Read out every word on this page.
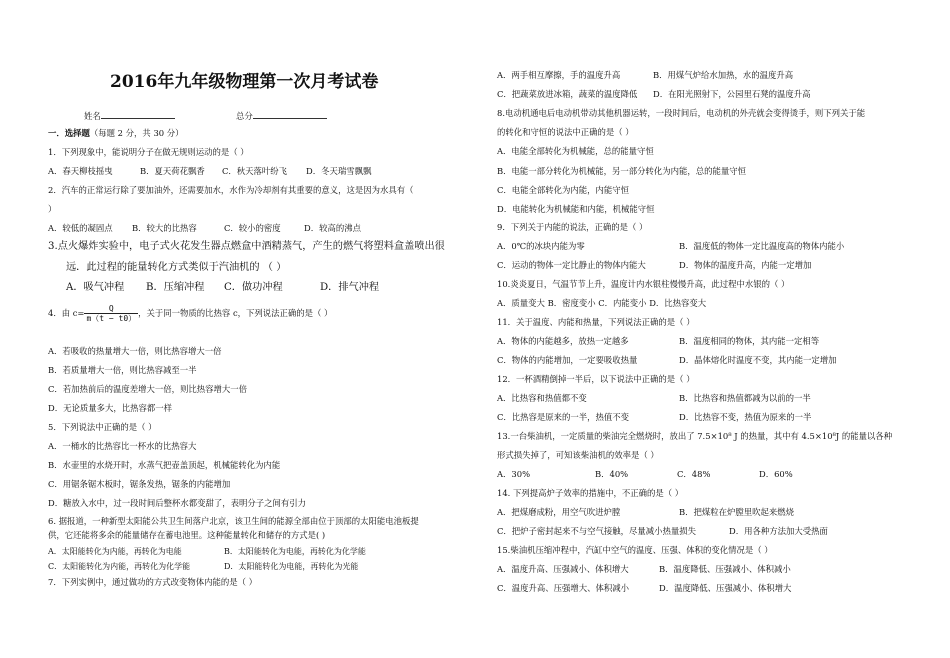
2016年九年级物理第一次月考试卷
姓名	总分
一．选择题（每题 2 分，共 30 分）
1．下列现象中，能说明分子在做无规则运动的是（ ）
A．春天柳枝摇曳	B．夏天荷花飘香 C．秋天落叶纷飞 D．冬天瑞雪飘飘
2．汽车的正常运行除了要加油外，还需要加水，水作为冷却剂有其重要的意义，这是因为水具有（
）
A．较低的凝固点 B．较大的比热容	C．较小的密度	D．较高的沸点
3.点火爆炸实验中，电子式火花发生器点燃盒中酒精蒸气，产生的燃气将塑料盒盖喷出很
远．此过程的能量转化方式类似于汽油机的 （ ）
A．吸气冲程 B．压缩冲程 C．做功冲程	D．排气冲程
4．由 $c= \frac{Q}{m(t - t0)}$ ，关于同一物质的比热容 c，下列说法正确的是（ ）
A．若吸收的热量增大一倍，则比热容增大一倍
B．若质量增大一倍，则比热容减至一半
C．若加热前后的温度差增大一倍，则比热容增大一倍
D．无论质量多大，比热容都一样
5．下列说法中正确的是（ ）
A．一桶水的比热容比一杯水的比热容大
B．水壶里的水烧开时，水蒸气把壶盖顶起，机械能转化为内能
C．用锯条锯木板时，锯条发热，锯条的内能增加
D．糖放入水中，过一段时间后整杯水都变甜了，表明分子之间有引力
6. 据报道，一种新型太阳能公共卫生间落户北京，该卫生间的能源全部由位于顶部的太阳能电池板提
供，它还能将多余的能量储存在蓄电池里。这种能量转化和储存的方式是( )
A．太阳能转化为内能，再转化为电能	B．太阳能转化为电能，再转化为化学能
C．太阳能转化为内能，再转化为化学能	D．太阳能转化为电能，再转化为光能
7．下列实例中，通过做功的方式改变物体内能的是（ ）
A．两手相互摩擦，手的温度升高	B．用煤气炉给水加热，水的温度升高
C．把蔬菜放进冰箱，蔬菜的温度降低 D．在阳光照射下，公园里石凳的温度升高
8.电动机通电后电动机带动其他机器运转，一段时间后，电动机的外壳就会变得烫手，则下列关于能
的转化和守恒的说法中正确的是（ ）
A．电能全部转化为机械能，总的能量守恒
B．电能一部分转化为机械能，另一部分转化为内能，总的能量守恒
C．电能全部转化为内能，内能守恒
D．电能转化为机械能和内能，机械能守恒
9．下列关于内能的说法，正确的是（ ）
A．0℃的冰块内能为零	B．温度低的物体一定比温度高的物体内能小
C．运动的物体一定比静止的物体内能大	D．物体的温度升高，内能一定增加
10.炎炎夏日，气温节节上升，温度计内水银柱慢慢升高，此过程中水银的（ ）
A．质量变大 B．密度变小 C．内能变小 D．比热容变大
11．关于温度、内能和热量，下列说法正确的是（ ）
A．物体的内能越多，放热一定越多	B．温度相同的物体，其内能一定相等
C．物体的内能增加，一定要吸收热量	D．晶体熔化时温度不变，其内能一定增加
12．一杯酒精倒掉一半后，以下说法中正确的是（ ）
A．比热容和热值都不变	B．比热容和热值都减为以前的一半
C．比热容是原来的一半，热值不变	D．比热容不变，热值为原来的一半
13.一台柴油机，一定质量的柴油完全燃烧时，放出了 7.5×10⁸ J 的热量，其中有 4.5×10⁸J 的能量以各种
形式损失掉了，可知该柴油机的效率是（ ）
A．30%	B．40%	C．48%	D．60%
14. 下列提高炉子效率的措施中，不正确的是（ ）
A．把煤磨成粉，用空气吹进炉膛	B．把煤粒在炉膛里吹起来燃烧
C．把炉子密封起来不与空气接触，尽量减小热量损失	D．用各种方法加大受热面
15.柴油机压缩冲程中，汽缸中空气的温度、压强、体积的变化情况是（ ）
A．温度升高、压强减小、体积增大	B．温度降低、压强减小、体积减小
C．温度升高、压强增大、体积减小	D．温度降低、压强减小、体积增大
